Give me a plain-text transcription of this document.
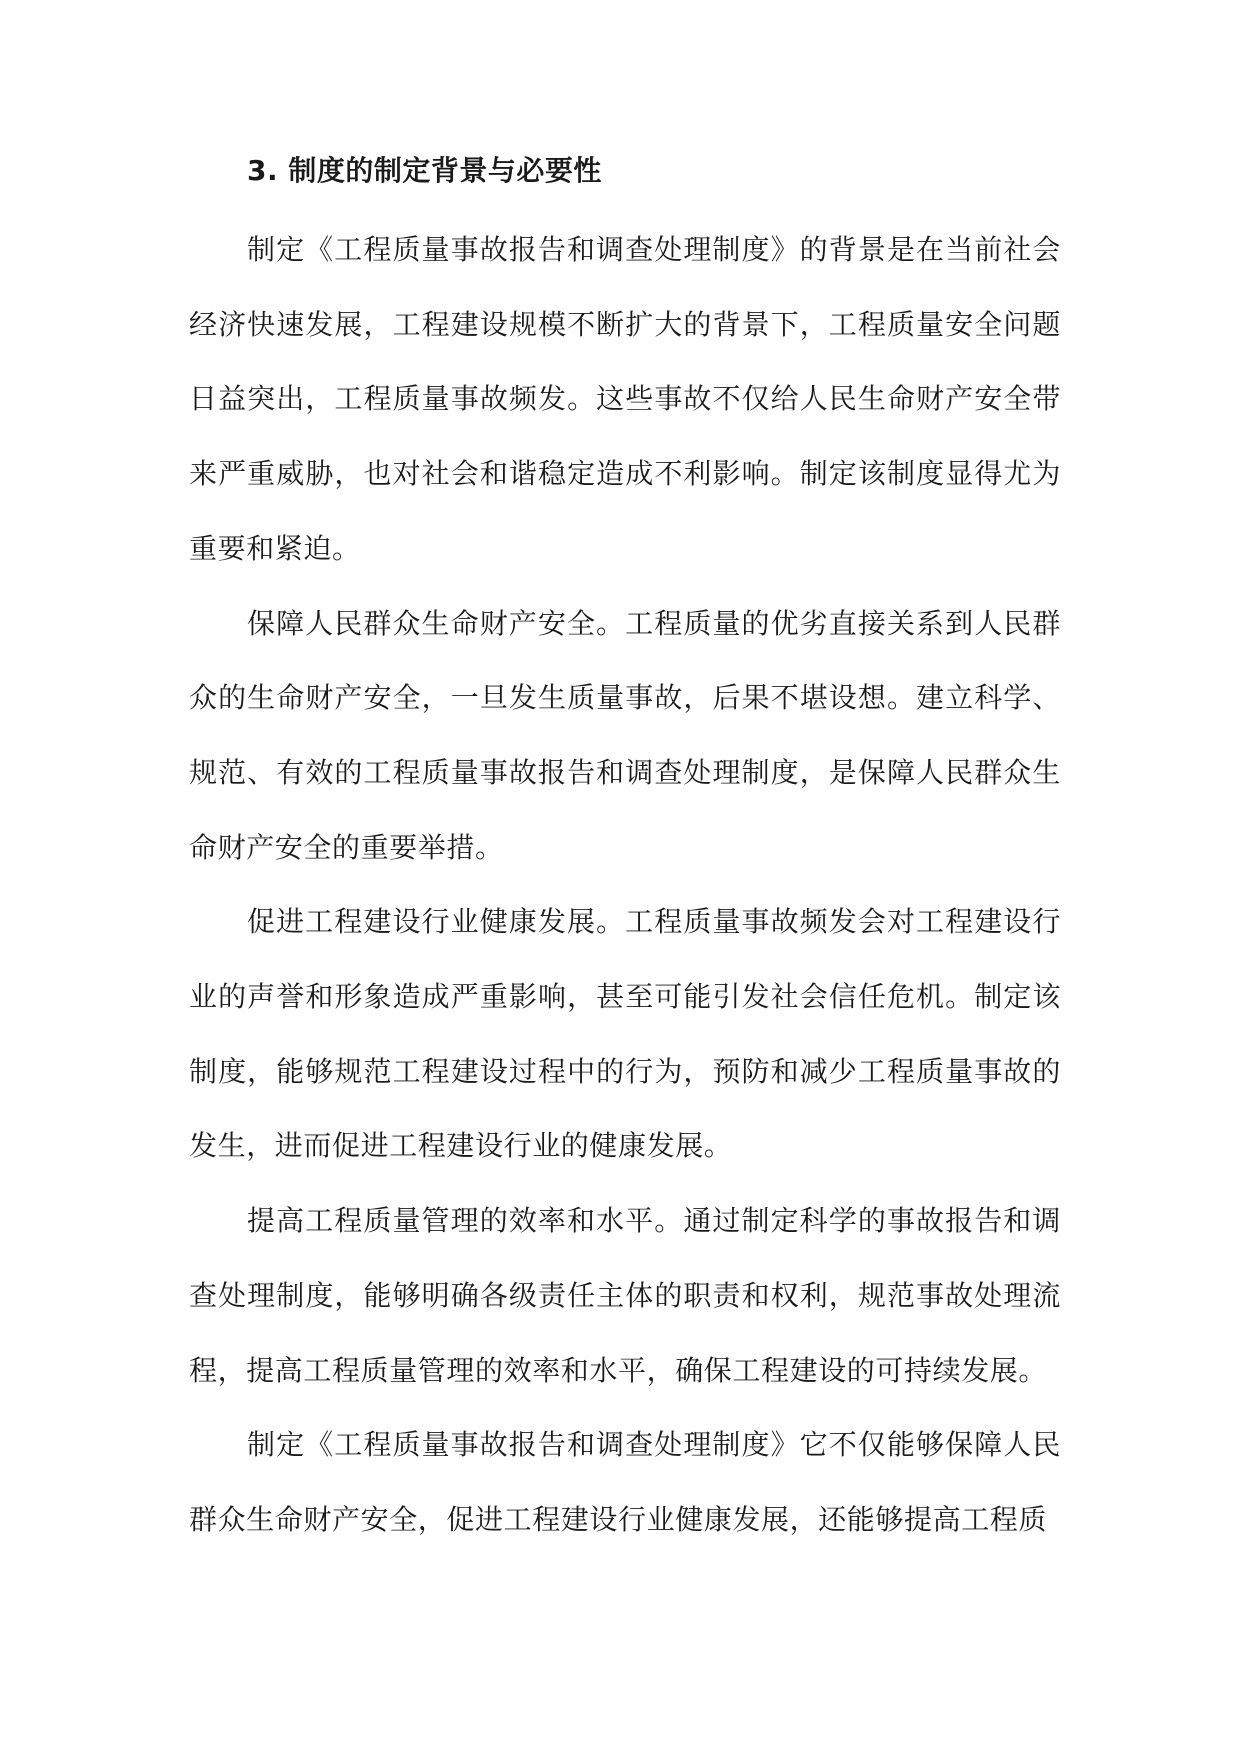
3. 制度的制定背景与必要性

制定《工程质量事故报告和调查处理制度》的背景是在当前社会经济快速发展，工程建设规模不断扩大的背景下，工程质量安全问题日益突出，工程质量事故频发。这些事故不仅给人民生命财产安全带来严重威胁，也对社会和谐稳定造成不利影响。制定该制度显得尤为重要和紧迫。

保障人民群众生命财产安全。工程质量的优劣直接关系到人民群众的生命财产安全，一旦发生质量事故，后果不堪设想。建立科学、规范、有效的工程质量事故报告和调查处理制度，是保障人民群众生命财产安全的重要举措。

促进工程建设行业健康发展。工程质量事故频发会对工程建设行业的声誉和形象造成严重影响，甚至可能引发社会信任危机。制定该制度，能够规范工程建设过程中的行为，预防和减少工程质量事故的发生，进而促进工程建设行业的健康发展。

提高工程质量管理的效率和水平。通过制定科学的事故报告和调查处理制度，能够明确各级责任主体的职责和权利，规范事故处理流程，提高工程质量管理的效率和水平，确保工程建设的可持续发展。

制定《工程质量事故报告和调查处理制度》它不仅能够保障人民群众生命财产安全，促进工程建设行业健康发展，还能够提高工程质
